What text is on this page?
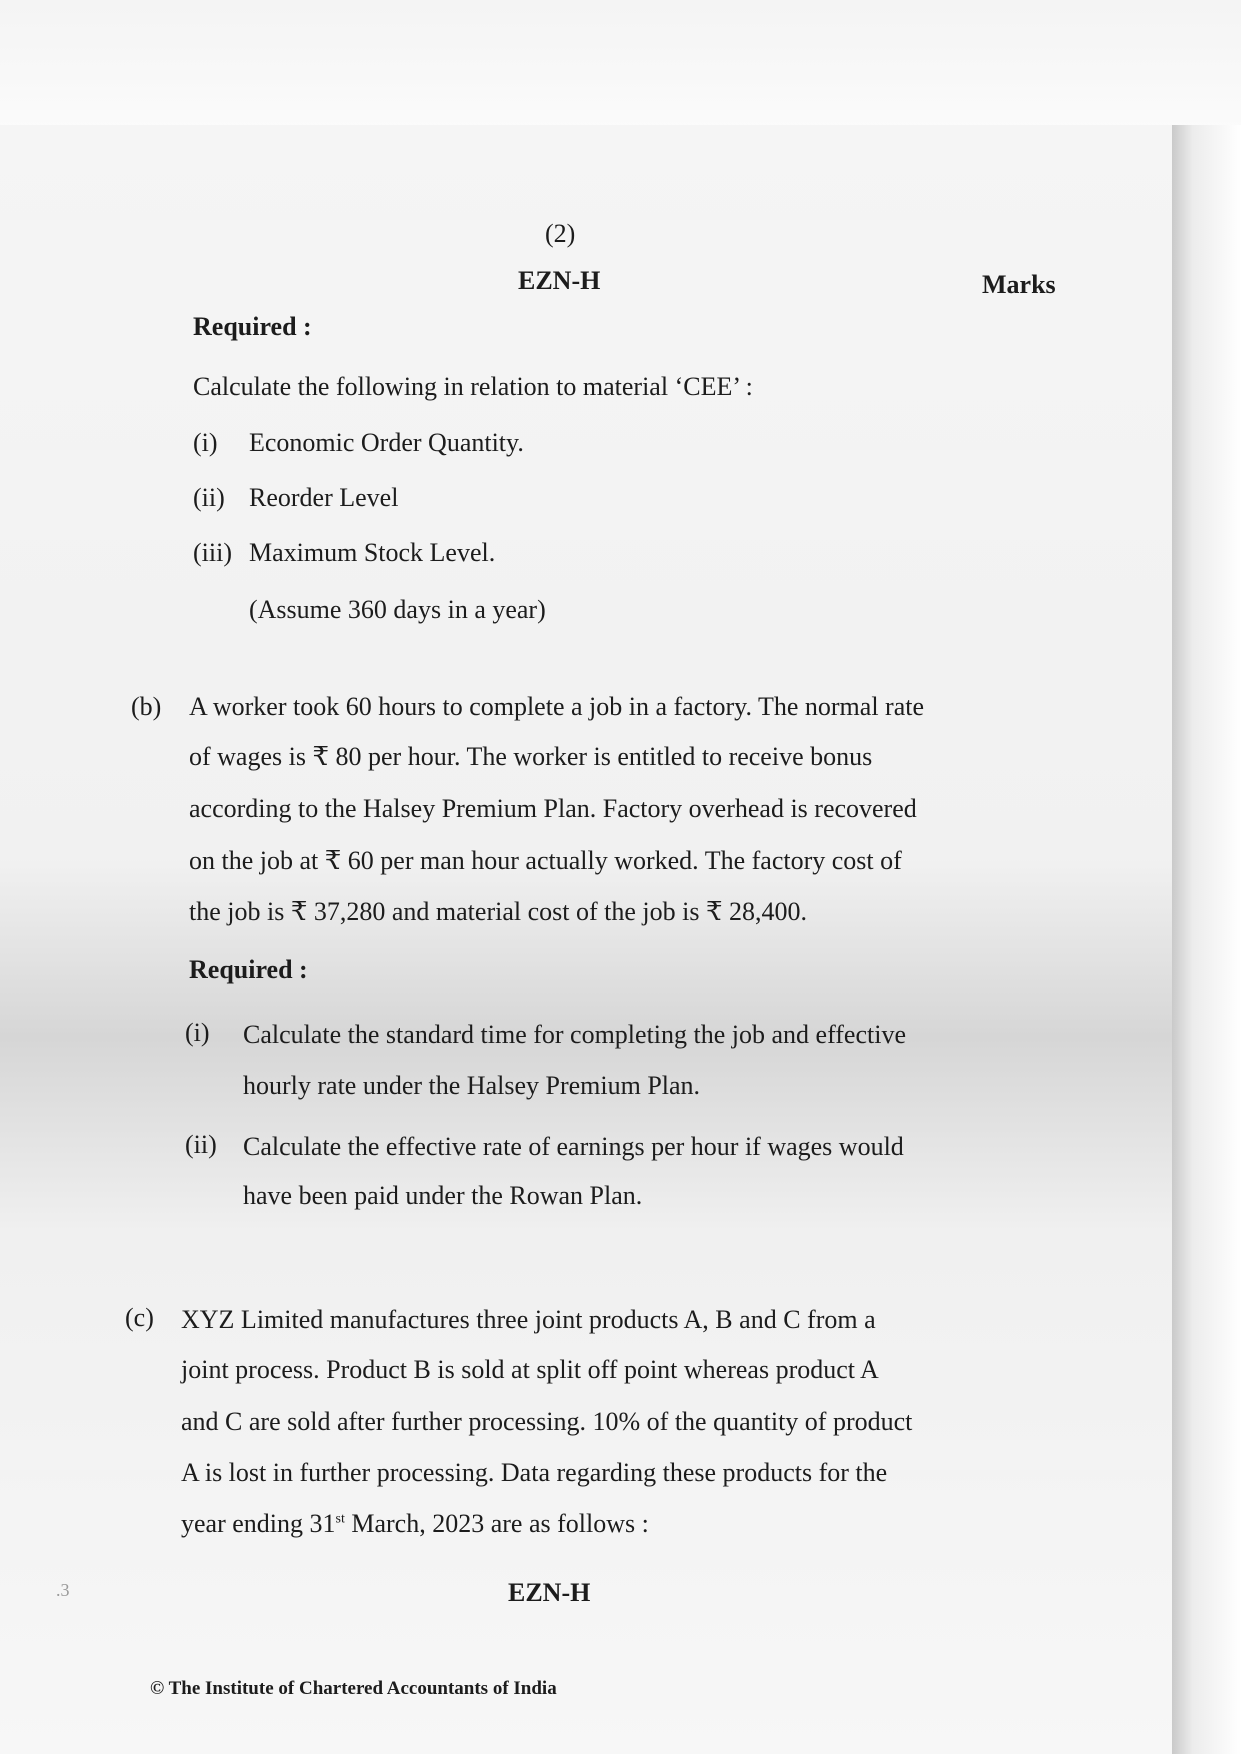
(2)
EZN-H	Marks
Required :
Calculate the following in relation to material ‘CEE’ :
(i) Economic Order Quantity.
(ii) Reorder Level
(iii) Maximum Stock Level.
(Assume 360 days in a year)
(b) A worker took 60 hours to complete a job in a factory. The normal rate
of wages is ₹ 80 per hour. The worker is entitled to receive bonus
according to the Halsey Premium Plan. Factory overhead is recovered
on the job at ₹ 60 per man hour actually worked. The factory cost of
the job is ₹ 37,280 and material cost of the job is ₹ 28,400.
Required :
(i) Calculate the standard time for completing the job and effective
hourly rate under the Halsey Premium Plan.
(ii) Calculate the effective rate of earnings per hour if wages would
have been paid under the Rowan Plan.
(c) XYZ Limited manufactures three joint products A, B and C from a
joint process. Product B is sold at split off point whereas product A
and C are sold after further processing. 10% of the quantity of product
A is lost in further processing. Data regarding these products for the
year ending 31st March, 2023 are as follows :
.3	EZN-H
© The Institute of Chartered Accountants of India
